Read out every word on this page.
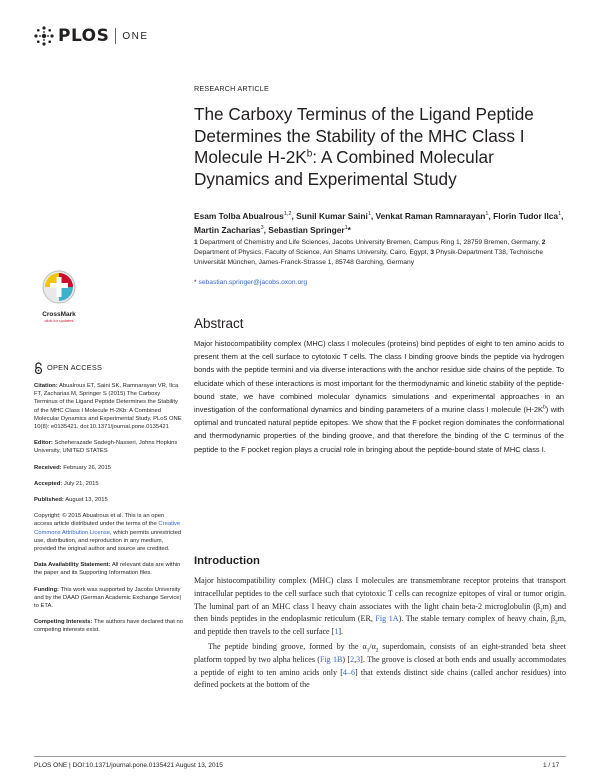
PLOS ONE
RESEARCH ARTICLE
The Carboxy Terminus of the Ligand Peptide Determines the Stability of the MHC Class I Molecule $H-2K^b$: A Combined Molecular Dynamics and Experimental Study
Esam Tolba Abualrous$^{1,2}$, Sunil Kumar Saini$^1$, Venkat Raman Ramnarayan$^1$, Florin Tudor Ilca$^1$, Martin Zacharias$^3$, Sebastian Springer$^1$*
1 Department of Chemistry and Life Sciences, Jacobs University Bremen, Campus Ring 1, 28759 Bremen, Germany, 2 Department of Physics, Faculty of Science, Ain Shams University, Cairo, Egypt, 3 Physik-Department T38, Technische Universität München, James-Franck-Strasse 1, 85748 Garching, Germany
* sebastian.springer@jacobs.oxon.org
CrossMark
click for updates	Abstract
Major histocompatibility complex (MHC) class I molecules (proteins) bind peptides of eight to ten amino acids to present them at the cell surface to cytotoxic T cells. The class I binding groove binds the peptide via hydrogen bonds with the peptide termini and via diverse interactions with the anchor residue side chains of the peptide. To elucidate which of these interactions is most important for the thermodynamic and kinetic stability of the peptide-bound state, we have combined molecular dynamics simulations and experimental approaches in an investigation of the conformational dynamics and binding parameters of a murine class I molecule $(H-2K^b)$ with optimal and truncated natural peptide epitopes. We show that the F pocket region dominates the conformational and thermodynamic properties of the binding groove, and that therefore the binding of the C terminus of the peptide to the F pocket region plays a crucial role in bringing about the peptide-bound state of MHC class I.
OPEN ACCESS
Citation: Abualrous ET, Saini SK, Ramnarayan VR, Ilca FT, Zacharias M, Springer S (2015) The Carboxy Terminus of the Ligand Peptide Determines the Stability of the MHC Class I Molecule H-2Kb: A Combined Molecular Dynamics and Experimental Study. PLoS ONE 10(8): e0135421. doi:10.1371/journal.pone.0135421
Editor: Scheherazade Sadegh-Nasseri, Johns Hopkins University, UNITED STATES
Received: February 26, 2015
Accepted: July 21, 2015
Published: August 13, 2015
Copyright: © 2015 Abualrous et al. This is an open access article distributed under the terms of the Creative Commons Attribution License, which permits unrestricted use, distribution, and reproduction in any medium, provided the original author and source are credited.
Data Availability Statement: All relevant data are within the paper and its Supporting Information files.
Funding: This work was supported by Jacobs University and by the DAAD (German Academic Exchange Service) to ETA.
Competing Interests: The authors have declared that no competing interests exist.
Introduction

Major histocompatibility complex (MHC) class I molecules are transmembrane receptor proteins that transport intracellular peptides to the cell surface such that cytotoxic T cells can recognize epitopes of viral or tumor origin. The luminal part of an MHC class I heavy chain associates with the light chain beta-2 microglobulin $(\beta_2m)$ and then binds peptides in the endoplasmic reticulum (ER, Fig 1A). The stable ternary complex of heavy chain, $\beta_2m$, and peptide then travels to the cell surface [1].

The peptide binding groove, formed by the $\alpha_1/\alpha_2$ superdomain, consists of an eight-stranded beta sheet platform topped by two alpha helices (Fig 1B) [2,3]. The groove is closed at both ends and usually accommodates a peptide of eight to ten amino acids only [4–6] that extends distinct side chains (called anchor residues) into defined pockets at the bottom of the

PLOS ONE | DOI:10.1371/journal.pone.0135421 August 13, 2015	1 / 17
